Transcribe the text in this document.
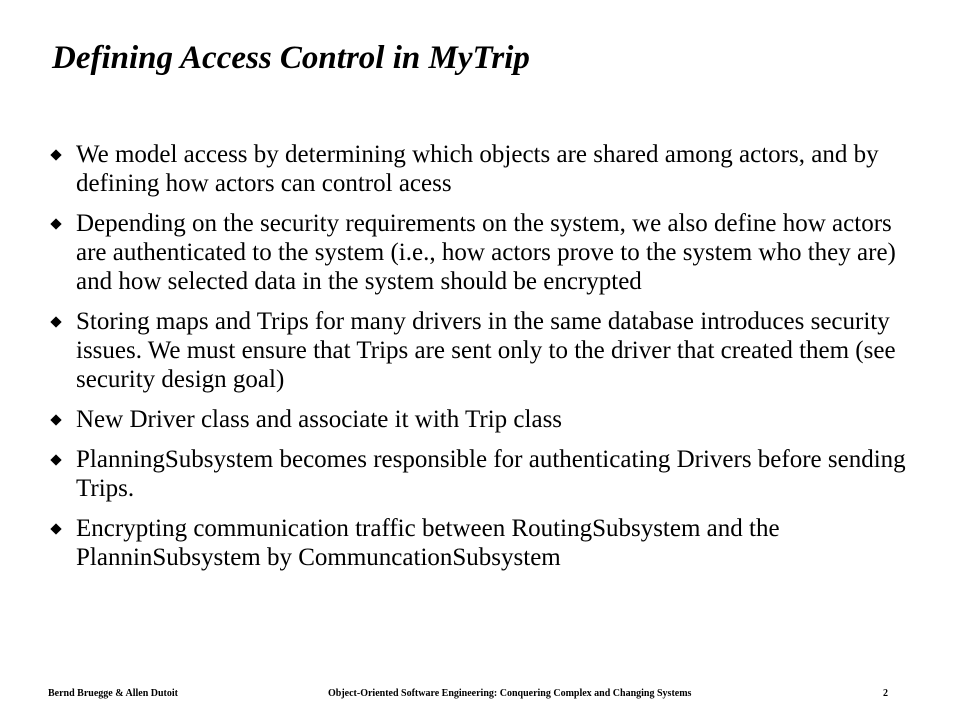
Defining Access Control in MyTrip
We model access by determining which objects are shared among actors, and by defining how actors can control acess
Depending on the security requirements on the system, we also define how actors are authenticated to the system (i.e., how actors prove to the system who they are) and how selected data in the system should be encrypted
Storing maps and Trips for many drivers in the same database introduces security issues. We must ensure that Trips are sent only to the driver that created them (see security design goal)
New Driver class and associate it with Trip class
PlanningSubsystem becomes responsible for authenticating Drivers before sending Trips.
Encrypting communication traffic between RoutingSubsystem and the PlanninSubsystem by CommuncationSubsystem
Bernd Bruegge & Allen Dutoit	Object-Oriented Software Engineering: Conquering Complex and Changing Systems	2
